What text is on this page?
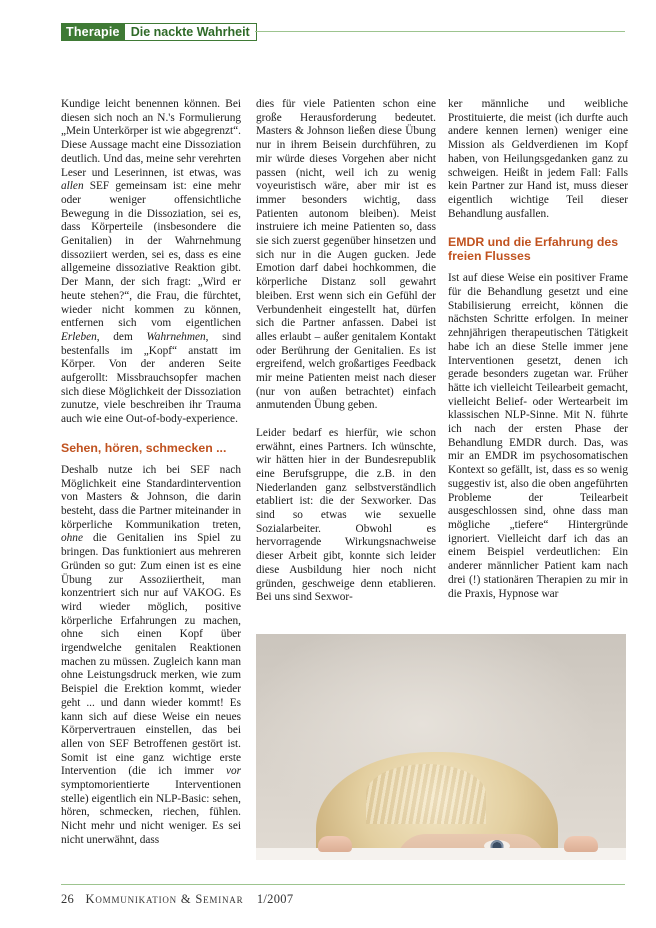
Therapie Die nackte Wahrheit

Kundige leicht benennen können. Bei diesen sich noch an N.'s Formulierung „Mein Unterkörper ist wie abgegrenzt“. Diese Aussage macht eine Dissoziation deutlich. Und das, meine sehr verehrten Leser und Leserinnen, ist etwas, was allen SEF gemeinsam ist: eine mehr oder weniger offensichtliche Bewegung in die Dissoziation, sei es, dass Körperteile (insbesondere die Genitalien) in der Wahrnehmung dissoziiert werden, sei es, dass es eine allgemeine dissoziative Reaktion gibt. Der Mann, der sich fragt: „Wird er heute stehen?“, die Frau, die fürchtet, wieder nicht kommen zu können, entfernen sich vom eigentlichen Erleben, dem Wahrnehmen, sind bestenfalls im „Kopf“ anstatt im Körper. Von der anderen Seite aufgerollt: Missbrauchsopfer machen sich diese Möglichkeit der Dissoziation zunutze, viele beschreiben ihr Trauma auch wie eine Out-of-body-experience.

Sehen, hören, schmecken ...

Deshalb nutze ich bei SEF nach Möglichkeit eine Standardintervention von Masters & Johnson, die darin besteht, dass die Partner miteinander in körperliche Kommunikation treten, ohne die Genitalien ins Spiel zu bringen. Das funktioniert aus mehreren Gründen so gut: Zum einen ist es eine Übung zur Assoziiertheit, man konzentriert sich nur auf VAKOG. Es wird wieder möglich, positive körperliche Erfahrungen zu machen, ohne sich einen Kopf über irgendwelche genitalen Reaktionen machen zu müssen. Zugleich kann man ohne Leistungsdruck merken, wie zum Beispiel die Erektion kommt, wieder geht ... und dann wieder kommt! Es kann sich auf diese Weise ein neues Körpervertrauen einstellen, das bei allen von SEF Betroffenen gestört ist. Somit ist eine ganz wichtige erste Intervention (die ich immer vor symptomorientierte Interventionen stelle) eigentlich ein NLP-Basic: sehen, hören, schmecken, riechen, fühlen. Nicht mehr und nicht weniger. Es sei nicht unerwähnt, dass

dies für viele Patienten schon eine große Herausforderung bedeutet. Masters & Johnson ließen diese Übung nur in ihrem Beisein durchführen, zu mir würde dieses Vorgehen aber nicht passen (nicht, weil ich zu wenig voyeuristisch wäre, aber mir ist es immer besonders wichtig, dass Patienten autonom bleiben). Meist instruiere ich meine Patienten so, dass sie sich zuerst gegenüber hinsetzen und sich nur in die Augen gucken. Jede Emotion darf dabei hochkommen, die körperliche Distanz soll gewahrt bleiben. Erst wenn sich ein Gefühl der Verbundenheit eingestellt hat, dürfen sich die Partner anfassen. Dabei ist alles erlaubt – außer genitalem Kontakt oder Berührung der Genitalien. Es ist ergreifend, welch großartiges Feedback mir meine Patienten meist nach dieser (nur von außen betrachtet) einfach anmutenden Übung geben.

Leider bedarf es hierfür, wie schon erwähnt, eines Partners. Ich wünschte, wir hätten hier in der Bundesrepublik eine Berufsgruppe, die z.B. in den Niederlanden ganz selbstverständlich etabliert ist: die der Sexworker. Das sind so etwas wie sexuelle Sozialarbeiter. Obwohl es hervorragende Wirkungsnachweise dieser Arbeit gibt, konnte sich leider diese Ausbildung hier noch nicht gründen, geschweige denn etablieren. Bei uns sind Sexwor-

ker männliche und weibliche Prostituierte, die meist (ich durfte auch andere kennen lernen) weniger eine Mission als Geldverdienen im Kopf haben, von Heilungsgedanken ganz zu schweigen. Heißt in jedem Fall: Falls kein Partner zur Hand ist, muss dieser eigentlich wichtige Teil dieser Behandlung ausfallen.

EMDR und die Erfahrung des freien Flusses

Ist auf diese Weise ein positiver Frame für die Behandlung gesetzt und eine Stabilisierung erreicht, können die nächsten Schritte erfolgen. In meiner zehnjährigen therapeutischen Tätigkeit habe ich an diese Stelle immer jene Interventionen gesetzt, denen ich gerade besonders zugetan war. Früher hätte ich vielleicht Teilearbeit gemacht, vielleicht Belief- oder Wertearbeit im klassischen NLP-Sinne. Mit N. führte ich nach der ersten Phase der Behandlung EMDR durch. Das, was mir an EMDR im psychosomatischen Kontext so gefällt, ist, dass es so wenig suggestiv ist, also die oben angeführten Probleme der Teilearbeit ausgeschlossen sind, ohne dass man mögliche „tiefere“ Hintergründe ignoriert. Vielleicht darf ich das an einem Beispiel verdeutlichen: Ein anderer männlicher Patient kam nach drei (!) stationären Therapien zu mir in die Praxis, Hypnose war

26 Kommunikation & Seminar 1/2007
